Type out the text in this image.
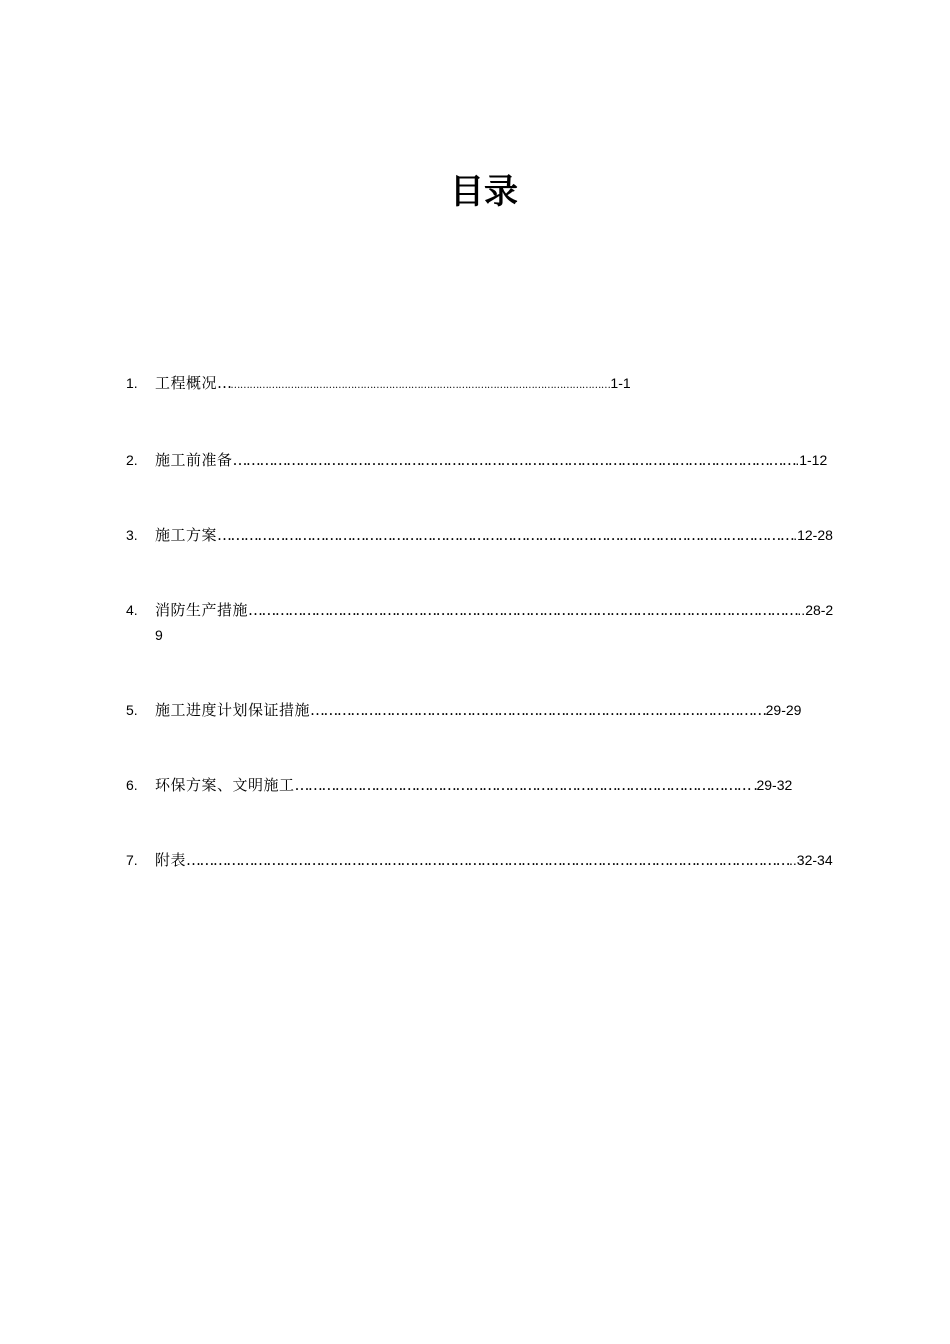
目录
1. 工程概况……………………………………………………………………………………………………………1-1
2. 施工前准备……………………………………………………………………………………………………………….1-12
3. 施工方案………………………………………………………………………………………………………………….12-28
4. 消防生产措施……………………………………………………………………………………………………………..28-29
5. 施工进度计划保证措施…………………………………………………………………………………………29-29
6. 环保方案、文明施工………………………………………………………………………………………… .29-32
7. 附表………………………………………………………………………………………………………………………..32-34
